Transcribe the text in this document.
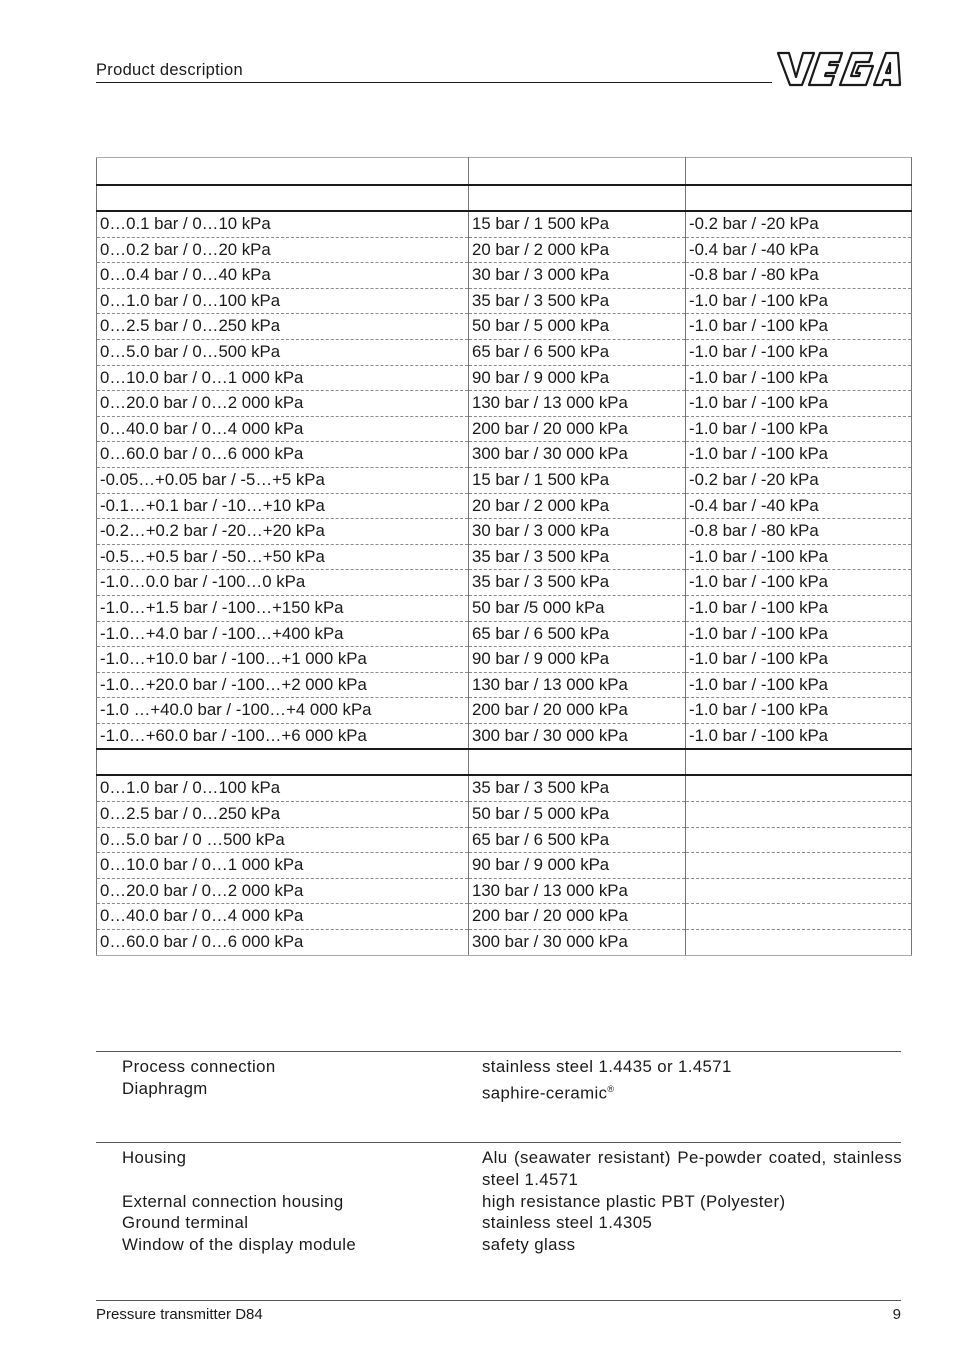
Product description

0…0.1 bar / 0…10 kPa	15 bar / 1 500 kPa	-0.2 bar / -20 kPa
0…0.2 bar / 0…20 kPa	20 bar / 2 000 kPa	-0.4 bar / -40 kPa
0…0.4 bar / 0…40 kPa	30 bar / 3 000 kPa	-0.8 bar / -80 kPa
0…1.0 bar / 0…100 kPa	35 bar / 3 500 kPa	-1.0 bar / -100 kPa
0…2.5 bar / 0…250 kPa	50 bar / 5 000 kPa	-1.0 bar / -100 kPa
0…5.0 bar / 0…500 kPa	65 bar / 6 500 kPa	-1.0 bar / -100 kPa
0…10.0 bar / 0…1 000 kPa	90 bar / 9 000 kPa	-1.0 bar / -100 kPa
0…20.0 bar / 0…2 000 kPa	130 bar / 13 000 kPa	-1.0 bar / -100 kPa
0…40.0 bar / 0…4 000 kPa	200 bar / 20 000 kPa	-1.0 bar / -100 kPa
0…60.0 bar / 0…6 000 kPa	300 bar / 30 000 kPa	-1.0 bar / -100 kPa
-0.05…+0.05 bar / -5…+5 kPa	15 bar / 1 500 kPa	-0.2 bar / -20 kPa
-0.1…+0.1 bar / -10…+10 kPa	20 bar / 2 000 kPa	-0.4 bar / -40 kPa
-0.2…+0.2 bar / -20…+20 kPa	30 bar / 3 000 kPa	-0.8 bar / -80 kPa
-0.5…+0.5 bar / -50…+50 kPa	35 bar / 3 500 kPa	-1.0 bar / -100 kPa
-1.0…0.0 bar / -100…0 kPa	35 bar / 3 500 kPa	-1.0 bar / -100 kPa
-1.0…+1.5 bar / -100…+150 kPa	50 bar /5 000 kPa	-1.0 bar / -100 kPa
-1.0…+4.0 bar / -100…+400 kPa	65 bar / 6 500 kPa	-1.0 bar / -100 kPa
-1.0…+10.0 bar / -100…+1 000 kPa	90 bar / 9 000 kPa	-1.0 bar / -100 kPa
-1.0…+20.0 bar / -100…+2 000 kPa	130 bar / 13 000 kPa	-1.0 bar / -100 kPa
-1.0 …+40.0 bar / -100…+4 000 kPa	200 bar / 20 000 kPa	-1.0 bar / -100 kPa
-1.0…+60.0 bar / -100…+6 000 kPa	300 bar / 30 000 kPa	-1.0 bar / -100 kPa

0…1.0 bar / 0…100 kPa	35 bar / 3 500 kPa	
0…2.5 bar / 0…250 kPa	50 bar / 5 000 kPa	
0…5.0 bar / 0 …500 kPa	65 bar / 6 500 kPa	
0…10.0 bar / 0…1 000 kPa	90 bar / 9 000 kPa	
0…20.0 bar / 0…2 000 kPa	130 bar / 13 000 kPa	
0…40.0 bar / 0…4 000 kPa	200 bar / 20 000 kPa	
0…60.0 bar / 0…6 000 kPa	300 bar / 30 000 kPa	
Process connection	stainless steel 1.4435 or 1.4571
Diaphragm	saphire-ceramic®
Housing	Alu (seawater resistant) Pe-powder coated, stainless steel 1.4571
External connection housing	high resistance plastic PBT (Polyester)
Ground terminal	stainless steel 1.4305
Window of the display module	safety glass
Pressure transmitter D84	9
